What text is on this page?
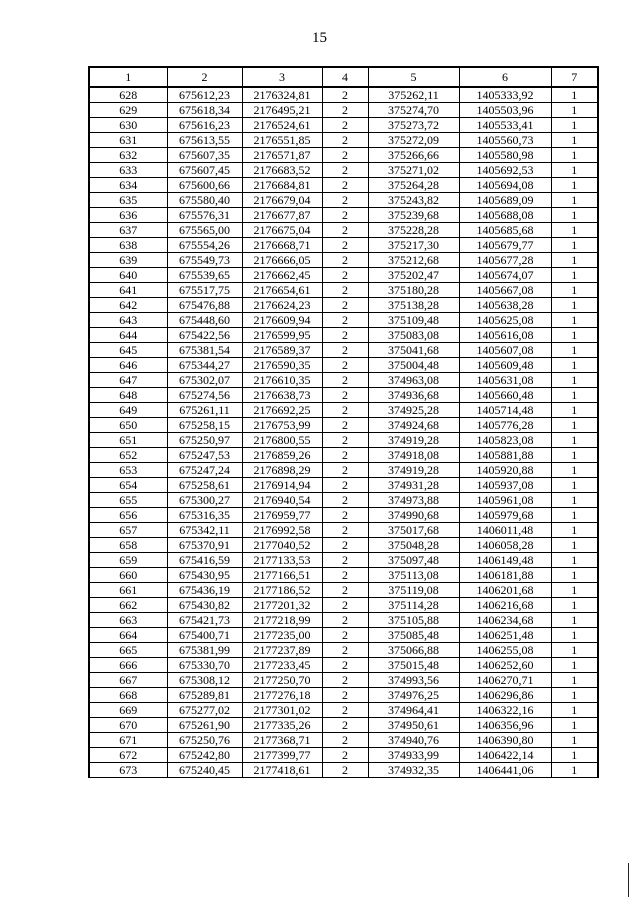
15
1	2	3	4	5	6	7
628	675612,23	2176324,81	2	375262,11	1405333,92	1
629	675618,34	2176495,21	2	375274,70	1405503,96	1
630	675616,23	2176524,61	2	375273,72	1405533,41	1
631	675613,55	2176551,85	2	375272,09	1405560,73	1
632	675607,35	2176571,87	2	375266,66	1405580,98	1
633	675607,45	2176683,52	2	375271,02	1405692,53	1
634	675600,66	2176684,81	2	375264,28	1405694,08	1
635	675580,40	2176679,04	2	375243,82	1405689,09	1
636	675576,31	2176677,87	2	375239,68	1405688,08	1
637	675565,00	2176675,04	2	375228,28	1405685,68	1
638	675554,26	2176668,71	2	375217,30	1405679,77	1
639	675549,73	2176666,05	2	375212,68	1405677,28	1
640	675539,65	2176662,45	2	375202,47	1405674,07	1
641	675517,75	2176654,61	2	375180,28	1405667,08	1
642	675476,88	2176624,23	2	375138,28	1405638,28	1
643	675448,60	2176609,94	2	375109,48	1405625,08	1
644	675422,56	2176599,95	2	375083,08	1405616,08	1
645	675381,54	2176589,37	2	375041,68	1405607,08	1
646	675344,27	2176590,35	2	375004,48	1405609,48	1
647	675302,07	2176610,35	2	374963,08	1405631,08	1
648	675274,56	2176638,73	2	374936,68	1405660,48	1
649	675261,11	2176692,25	2	374925,28	1405714,48	1
650	675258,15	2176753,99	2	374924,68	1405776,28	1
651	675250,97	2176800,55	2	374919,28	1405823,08	1
652	675247,53	2176859,26	2	374918,08	1405881,88	1
653	675247,24	2176898,29	2	374919,28	1405920,88	1
654	675258,61	2176914,94	2	374931,28	1405937,08	1
655	675300,27	2176940,54	2	374973,88	1405961,08	1
656	675316,35	2176959,77	2	374990,68	1405979,68	1
657	675342,11	2176992,58	2	375017,68	1406011,48	1
658	675370,91	2177040,52	2	375048,28	1406058,28	1
659	675416,59	2177133,53	2	375097,48	1406149,48	1
660	675430,95	2177166,51	2	375113,08	1406181,88	1
661	675436,19	2177186,52	2	375119,08	1406201,68	1
662	675430,82	2177201,32	2	375114,28	1406216,68	1
663	675421,73	2177218,99	2	375105,88	1406234,68	1
664	675400,71	2177235,00	2	375085,48	1406251,48	1
665	675381,99	2177237,89	2	375066,88	1406255,08	1
666	675330,70	2177233,45	2	375015,48	1406252,60	1
667	675308,12	2177250,70	2	374993,56	1406270,71	1
668	675289,81	2177276,18	2	374976,25	1406296,86	1
669	675277,02	2177301,02	2	374964,41	1406322,16	1
670	675261,90	2177335,26	2	374950,61	1406356,96	1
671	675250,76	2177368,71	2	374940,76	1406390,80	1
672	675242,80	2177399,77	2	374933,99	1406422,14	1
673	675240,45	2177418,61	2	374932,35	1406441,06	1
